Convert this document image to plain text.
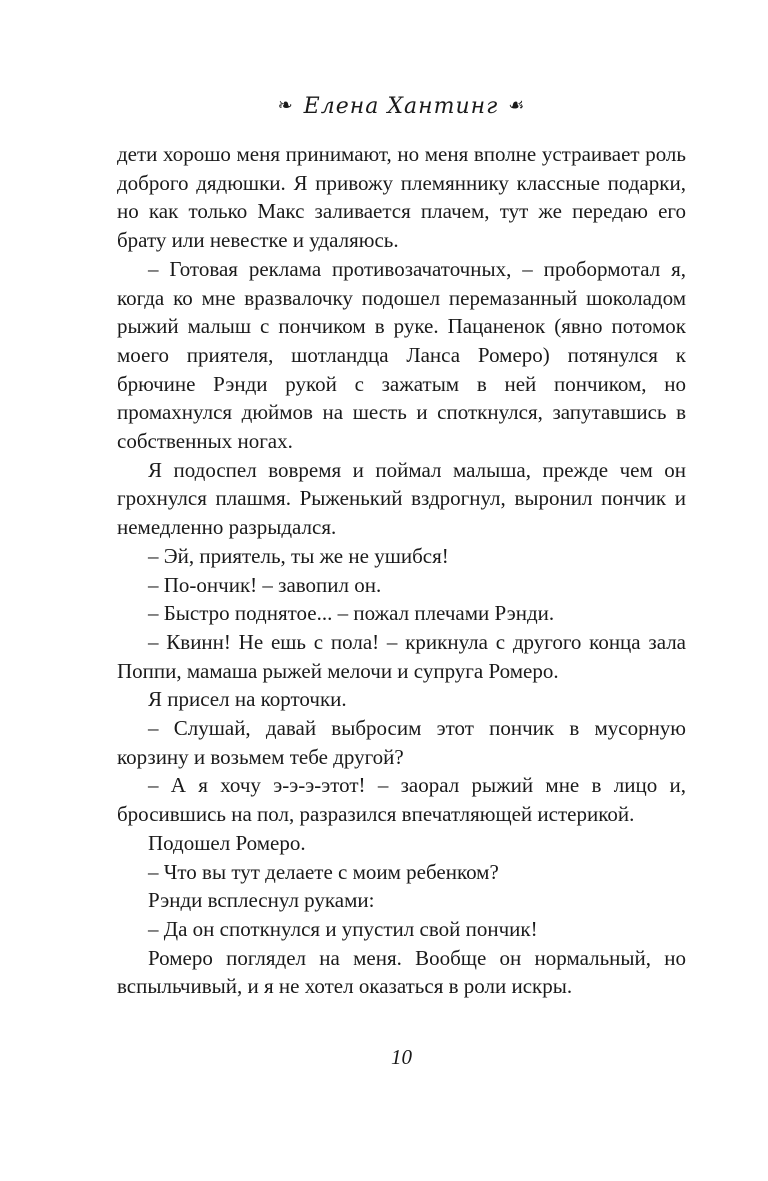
❧ Елена Хантинг ☙

дети хорошо меня принимают, но меня вполне устраивает роль доброго дядюшки. Я привожу племяннику классные подарки, но как только Макс заливается плачем, тут же передаю его брату или невестке и удаляюсь.

– Готовая реклама противозачаточных, – пробормотал я, когда ко мне вразвалочку подошел перемазанный шоколадом рыжий малыш с пончиком в руке. Пацаненок (явно потомок моего приятеля, шотландца Ланса Ромеро) потянулся к брючине Рэнди рукой с зажатым в ней пончиком, но промахнулся дюймов на шесть и споткнулся, запутавшись в собственных ногах.

Я подоспел вовремя и поймал малыша, прежде чем он грохнулся плашмя. Рыженький вздрогнул, выронил пончик и немедленно разрыдался.

– Эй, приятель, ты же не ушибся!

– По-ончик! – завопил он.

– Быстро поднятое... – пожал плечами Рэнди.

– Квинн! Не ешь с пола! – крикнула с другого конца зала Поппи, мамаша рыжей мелочи и супруга Ромеро.

Я присел на корточки.

– Слушай, давай выбросим этот пончик в мусорную корзину и возьмем тебе другой?

– А я хочу э-э-э-этот! – заорал рыжий мне в лицо и, бросившись на пол, разразился впечатляющей истерикой.

Подошел Ромеро.

– Что вы тут делаете с моим ребенком?

Рэнди всплеснул руками:

– Да он споткнулся и упустил свой пончик!

Ромеро поглядел на меня. Вообще он нормальный, но вспыльчивый, и я не хотел оказаться в роли искры.

10
